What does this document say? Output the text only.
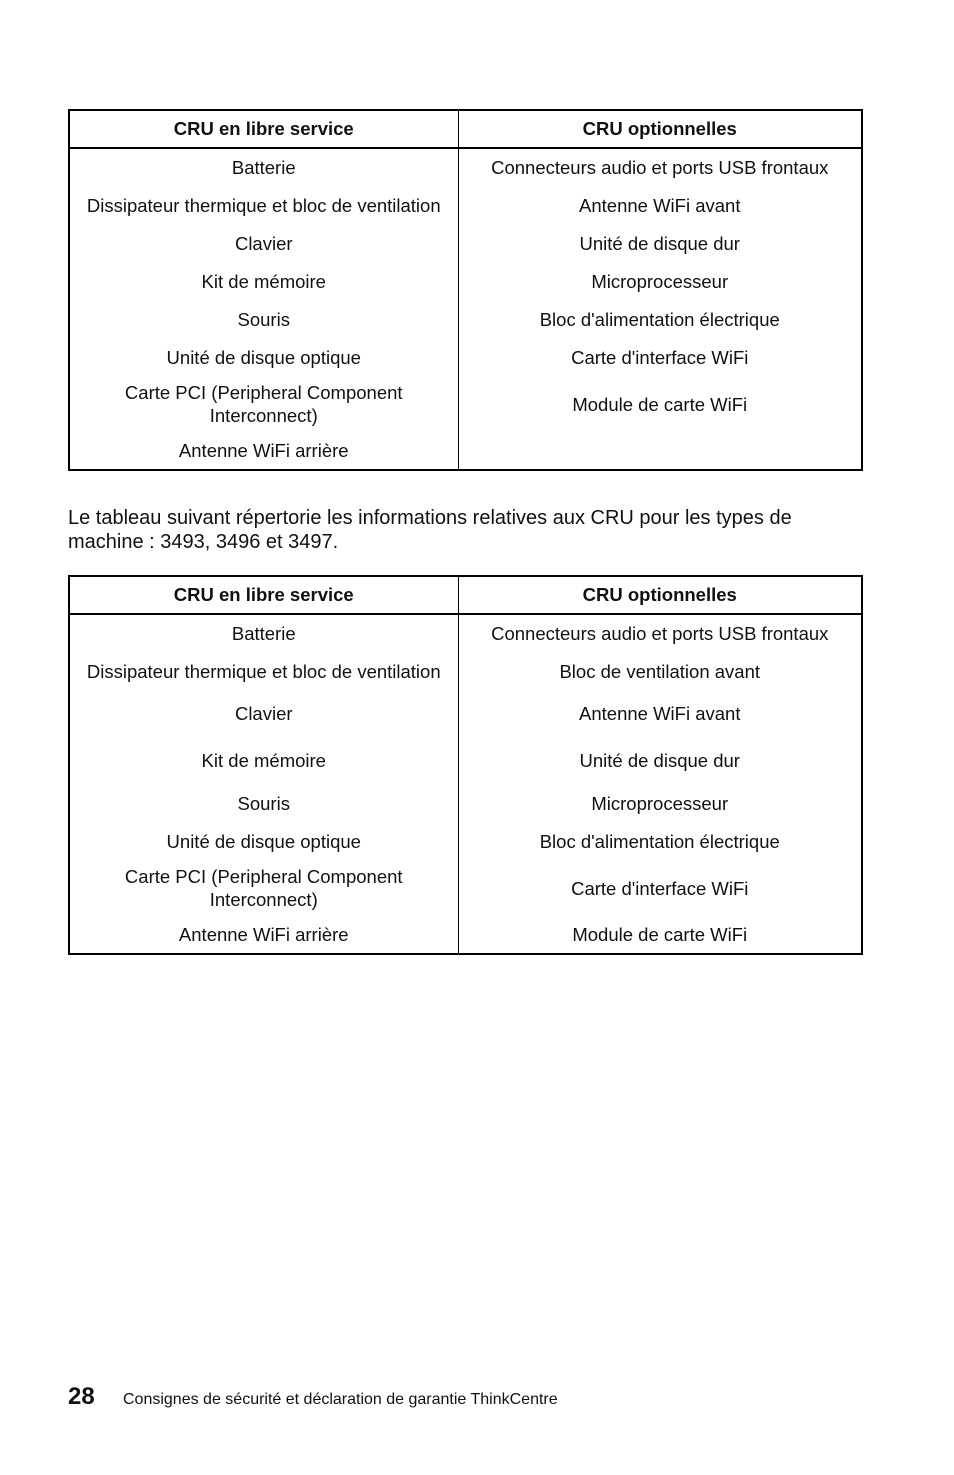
CRU en libre service	CRU optionnelles
Batterie	Connecteurs audio et ports USB frontaux
Dissipateur thermique et bloc de ventilation	Antenne WiFi avant
Clavier	Unité de disque dur
Kit de mémoire	Microprocesseur
Souris	Bloc d'alimentation électrique
Unité de disque optique	Carte d'interface WiFi
Carte PCI (Peripheral Component Interconnect)	Module de carte WiFi
Antenne WiFi arrière	

Le tableau suivant répertorie les informations relatives aux CRU pour les types de machine : 3493, 3496 et 3497.

CRU en libre service	CRU optionnelles
Batterie	Connecteurs audio et ports USB frontaux
Dissipateur thermique et bloc de ventilation	Bloc de ventilation avant
Clavier	Antenne WiFi avant
Kit de mémoire	Unité de disque dur
Souris	Microprocesseur
Unité de disque optique	Bloc d'alimentation électrique
Carte PCI (Peripheral Component Interconnect)	Carte d'interface WiFi
Antenne WiFi arrière	Module de carte WiFi
28 Consignes de sécurité et déclaration de garantie ThinkCentre
